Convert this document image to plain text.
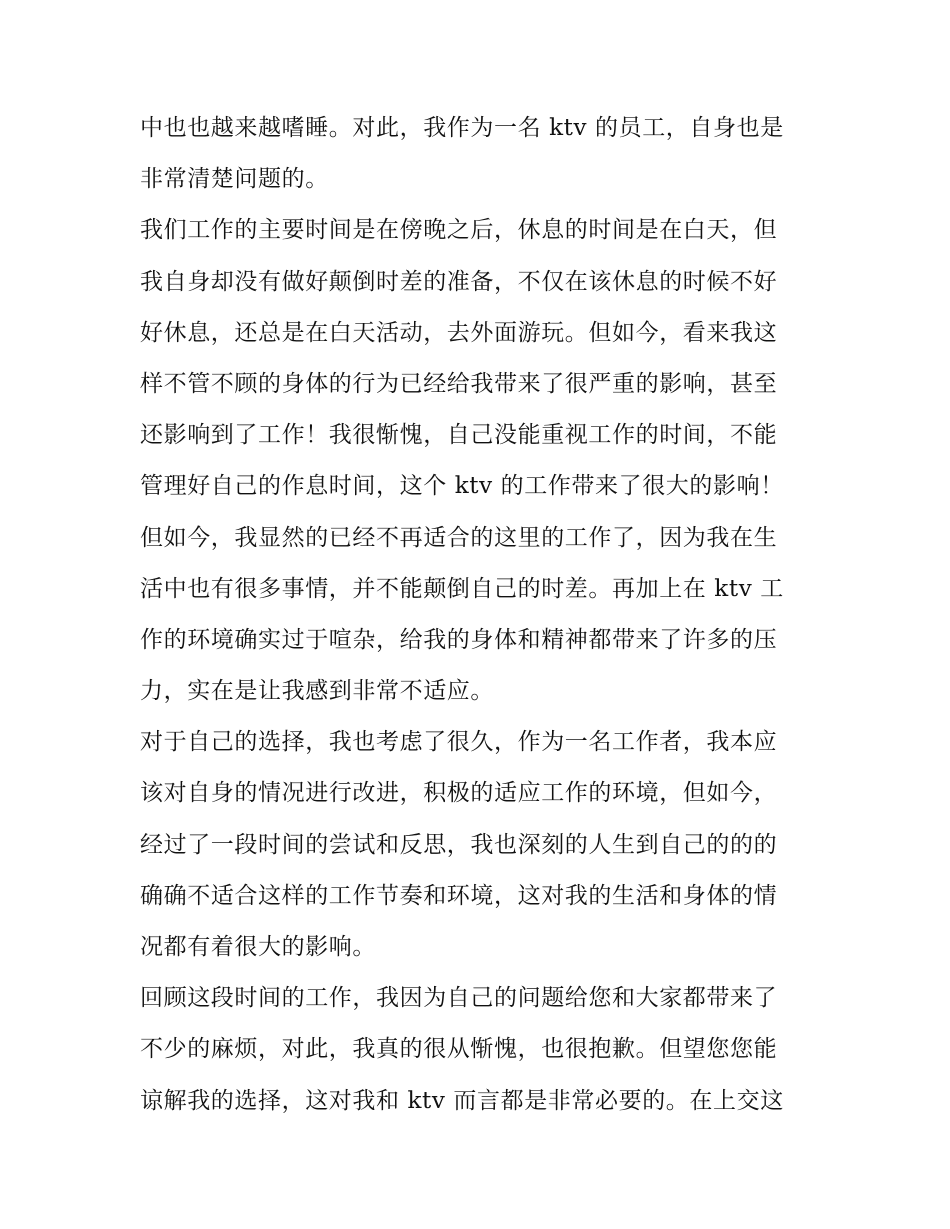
中也也越来越嗜睡。对此，我作为一名 ktv 的员工，自身也是
非常清楚问题的。
我们工作的主要时间是在傍晚之后，休息的时间是在白天，但
我自身却没有做好颠倒时差的准备，不仅在该休息的时候不好
好休息，还总是在白天活动，去外面游玩。但如今，看来我这
样不管不顾的身体的行为已经给我带来了很严重的影响，甚至
还影响到了工作！我很惭愧，自己没能重视工作的时间，不能
管理好自己的作息时间，这个 ktv 的工作带来了很大的影响！
但如今，我显然的已经不再适合的这里的工作了，因为我在生
活中也有很多事情，并不能颠倒自己的时差。再加上在 ktv 工
作的环境确实过于喧杂，给我的身体和精神都带来了许多的压
力，实在是让我感到非常不适应。
对于自己的选择，我也考虑了很久，作为一名工作者，我本应
该对自身的情况进行改进，积极的适应工作的环境，但如今，
经过了一段时间的尝试和反思，我也深刻的人生到自己的的的
确确不适合这样的工作节奏和环境，这对我的生活和身体的情
况都有着很大的影响。
回顾这段时间的工作，我因为自己的问题给您和大家都带来了
不少的麻烦，对此，我真的很从惭愧，也很抱歉。但望您您能
谅解我的选择，这对我和 ktv 而言都是非常必要的。在上交这
